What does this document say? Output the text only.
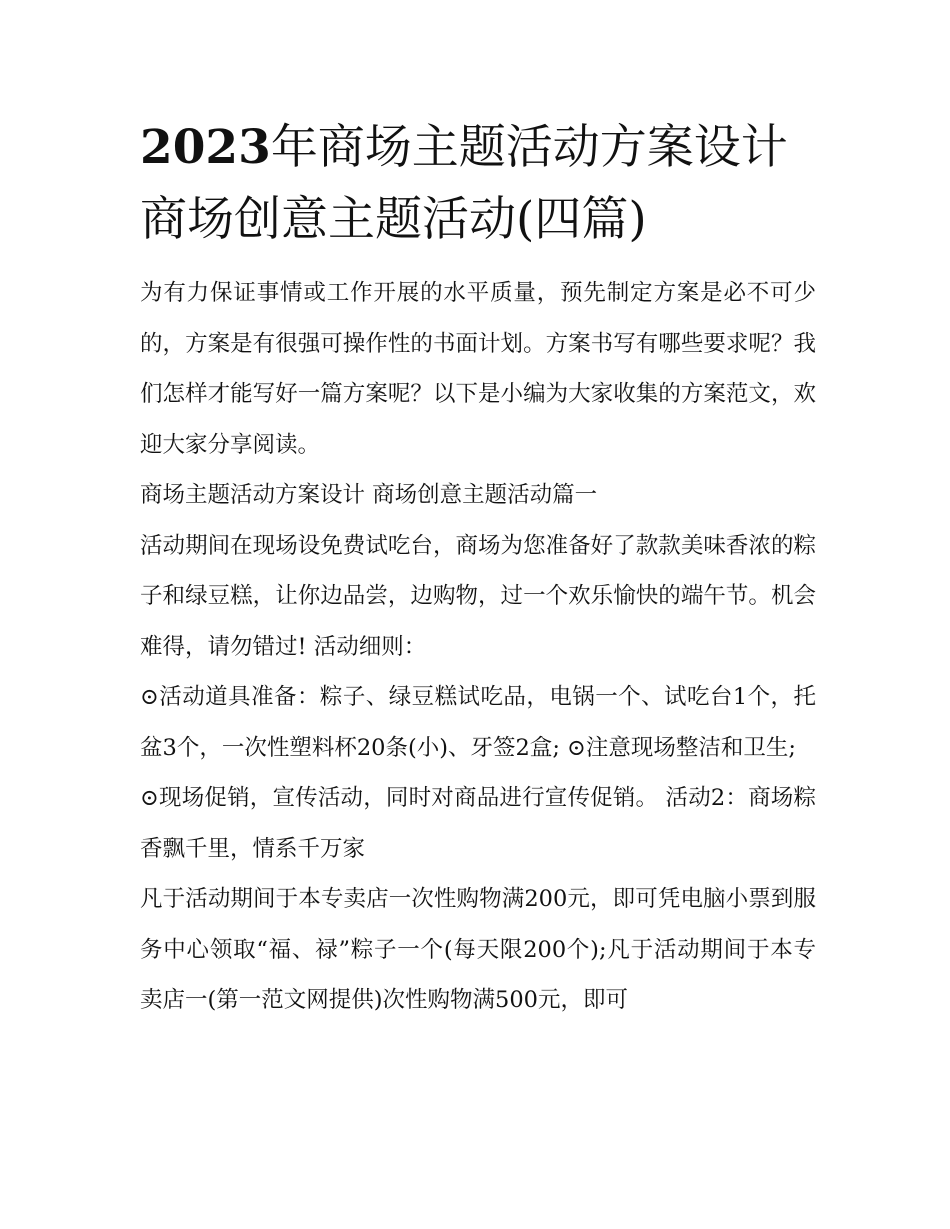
2023年商场主题活动方案设计
商场创意主题活动(四篇)

为有力保证事情或工作开展的水平质量，预先制定方案是必不可少的，方案是有很强可操作性的书面计划。方案书写有哪些要求呢？我们怎样才能写好一篇方案呢？以下是小编为大家收集的方案范文，欢迎大家分享阅读。

商场主题活动方案设计 商场创意主题活动篇一

活动期间在现场设免费试吃台，商场为您准备好了款款美味香浓的粽子和绿豆糕，让你边品尝，边购物，过一个欢乐愉快的端午节。机会难得，请勿错过! 活动细则：

⊙活动道具准备：粽子、绿豆糕试吃品，电锅一个、试吃台1个，托盆3个，一次性塑料杯20条(小)、牙签2盒; ⊙注意现场整洁和卫生;

⊙现场促销，宣传活动，同时对商品进行宣传促销。 活动2：商场粽香飘千里，情系千万家

凡于活动期间于本专卖店一次性购物满200元，即可凭电脑小票到服务中心领取“福、禄”粽子一个(每天限200个);凡于活动期间于本专卖店一(第一范文网提供)次性购物满500元，即可
